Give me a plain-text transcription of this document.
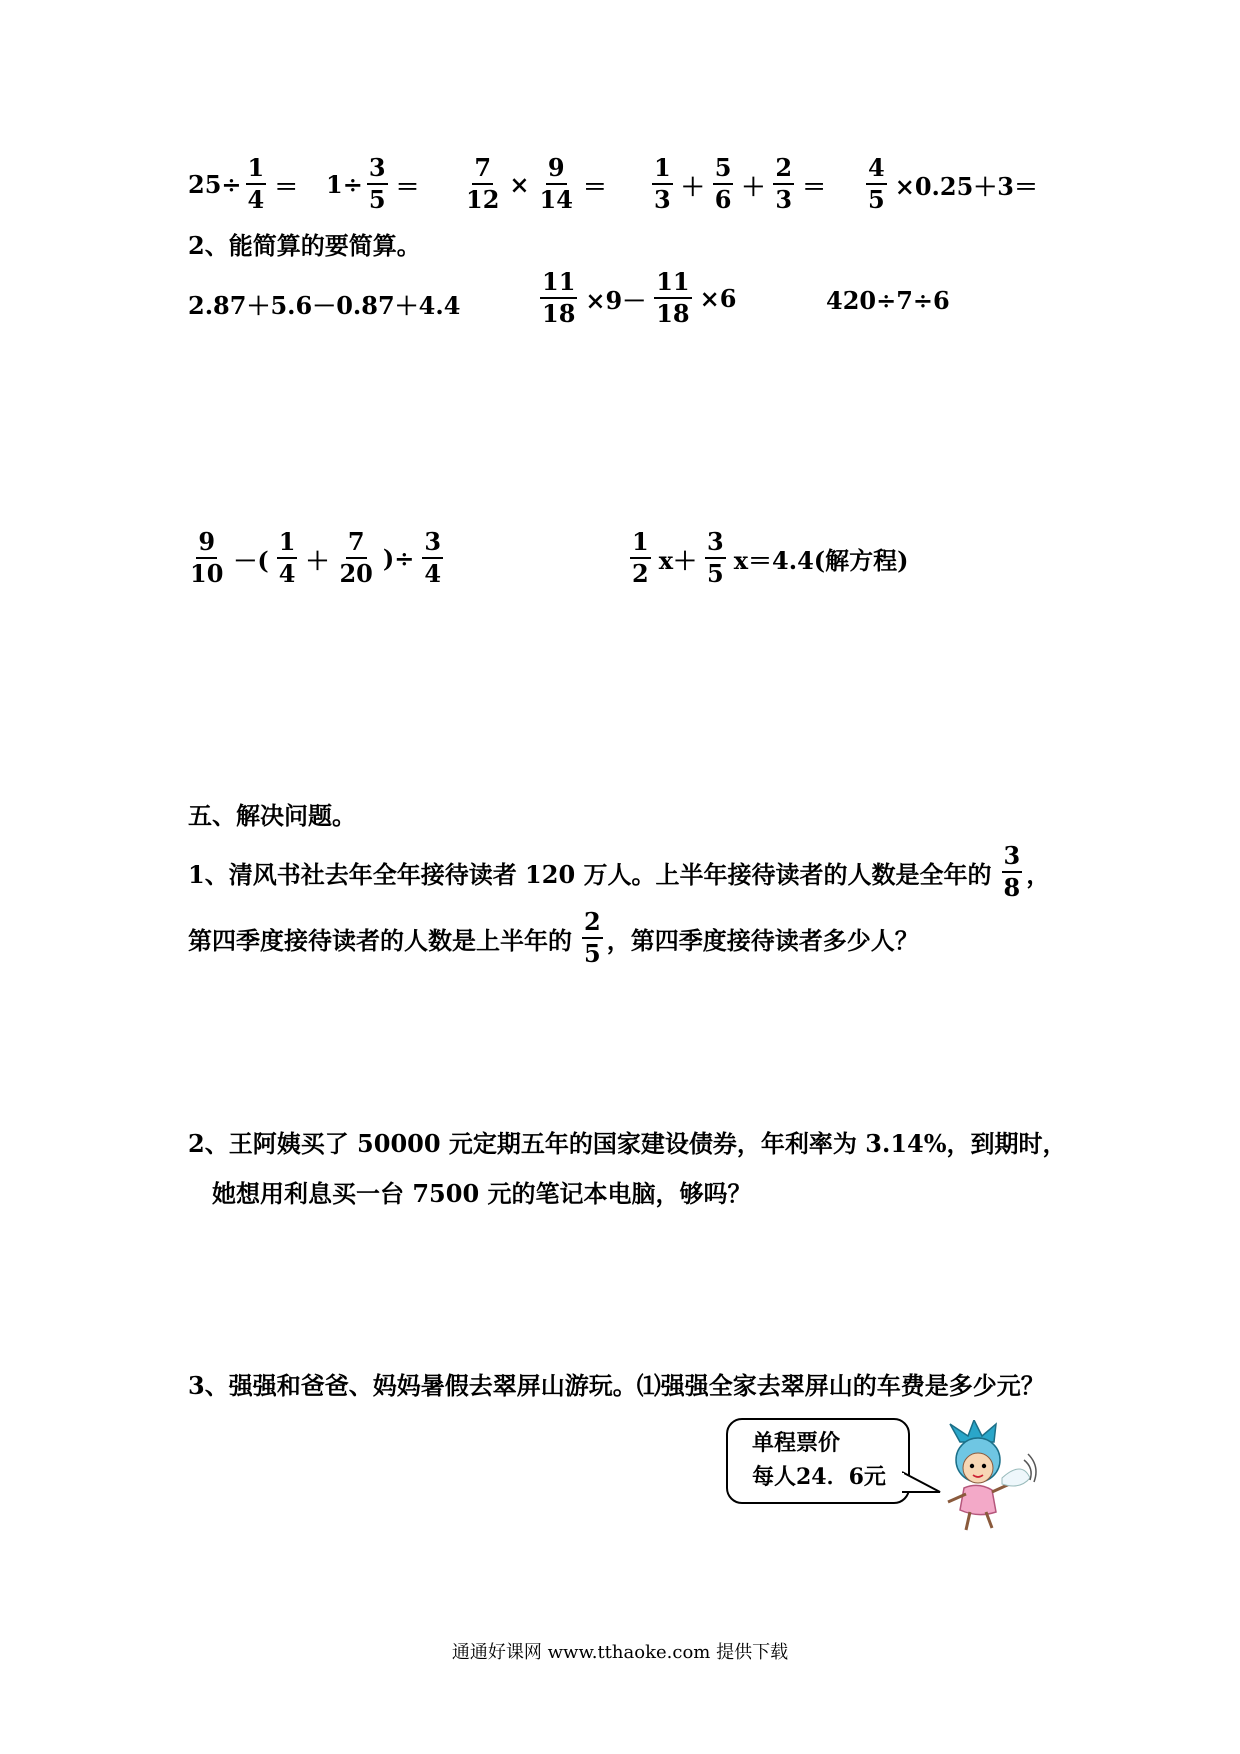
$25 \div \frac{1}{4} = 1 \div \frac{3}{5} = \frac{7}{12} \times \frac{9}{14} = \frac{1}{3} + \frac{5}{6} + \frac{2}{3} = \frac{4}{5} \times 0.25+3=$
2、能简算的要简算。
2.87＋5.6－0.87＋4.4	$\frac{11}{18} \times 9- \frac{11}{18} \times 6$	420÷7÷6
$\frac{9}{10}$ －( $\frac{1}{4} + \frac{7}{20}$ )÷ $\frac{3}{4}$	$\frac{1}{2} x+ \frac{3}{5} x=4.4$(解方程)
五、解决问题。
1、清风书社去年全年接待读者 120 万人。上半年接待读者的人数是全年的 $\frac{3}{8}$ ，
第四季度接待读者的人数是上半年的 $\frac{2}{5}$ ，第四季度接待读者多少人？
2、王阿姨买了 50000 元定期五年的国家建设债券，年利率为 3.14%，到期时，
她想用利息买一台 7500 元的笔记本电脑，够吗？
3、强强和爸爸、妈妈暑假去翠屏山游玩。⑴强强全家去翠屏山的车费是多少元？
单程票价
每人24．6元
通通好课网 www.tthaoke.com 提供下载
